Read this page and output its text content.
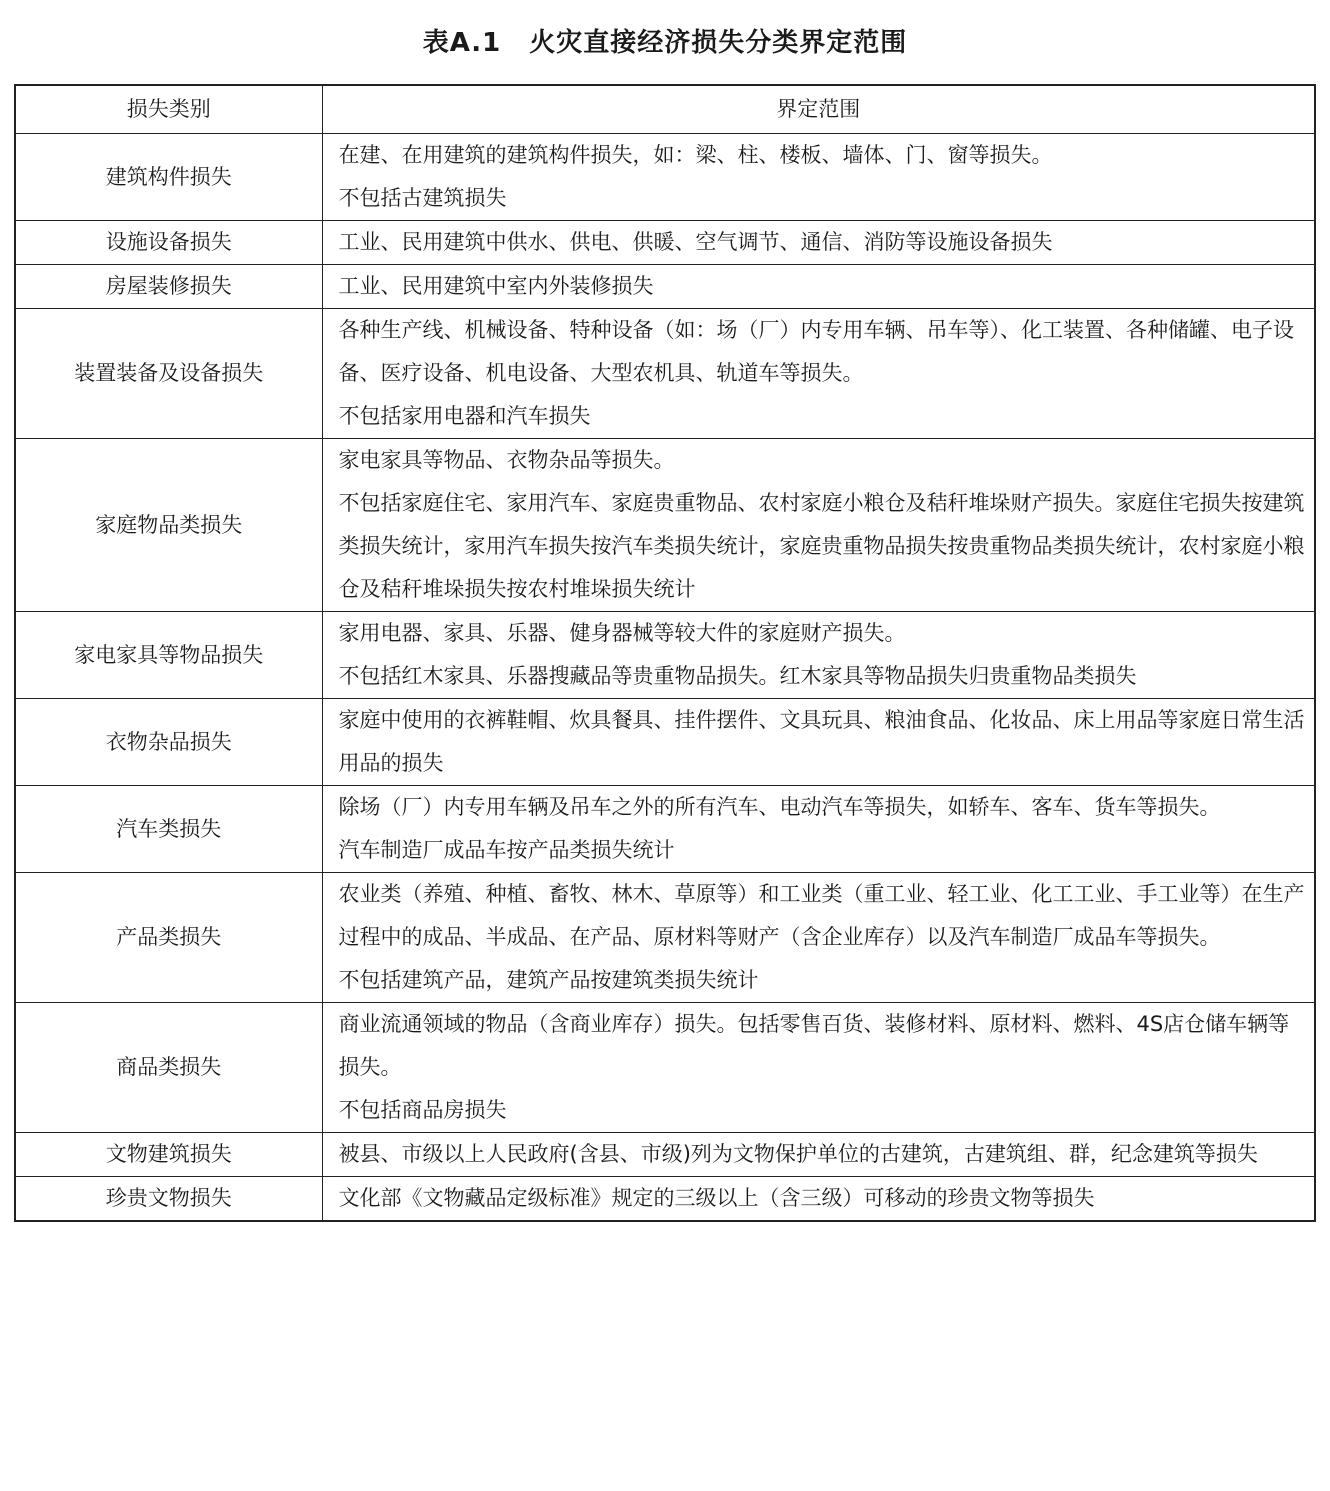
表A.1 火灾直接经济损失分类界定范围
损失类别	界定范围
建筑构件损失	在建、在用建筑的建筑构件损失，如：梁、柱、楼板、墙体、门、窗等损失。
不包括古建筑损失

设施设备损失	工业、民用建筑中供水、供电、供暖、空气调节、通信、消防等设施设备损失

房屋装修损失	工业、民用建筑中室内外装修损失

装置装备及设备损失	各种生产线、机械设备、特种设备（如：场（厂）内专用车辆、吊车等）、化工装置、各种储罐、电子设备、医疗设备、机电设备、大型农机具、轨道车等损失。
不包括家用电器和汽车损失

家庭物品类损失	家电家具等物品、衣物杂品等损失。
不包括家庭住宅、家用汽车、家庭贵重物品、农村家庭小粮仓及秸秆堆垛财产损失。家庭住宅损失按建筑类损失统计，家用汽车损失按汽车类损失统计，家庭贵重物品损失按贵重物品类损失统计，农村家庭小粮仓及秸秆堆垛损失按农村堆垛损失统计

家电家具等物品损失	家用电器、家具、乐器、健身器械等较大件的家庭财产损失。
不包括红木家具、乐器搜藏品等贵重物品损失。红木家具等物品损失归贵重物品类损失

衣物杂品损失	家庭中使用的衣裤鞋帽、炊具餐具、挂件摆件、文具玩具、粮油食品、化妆品、床上用品等家庭日常生活用品的损失

汽车类损失	除场（厂）内专用车辆及吊车之外的所有汽车、电动汽车等损失，如轿车、客车、货车等损失。
汽车制造厂成品车按产品类损失统计

产品类损失	农业类（养殖、种植、畜牧、林木、草原等）和工业类（重工业、轻工业、化工工业、手工业等）在生产过程中的成品、半成品、在产品、原材料等财产（含企业库存）以及汽车制造厂成品车等损失。
不包括建筑产品，建筑产品按建筑类损失统计

商品类损失	商业流通领域的物品（含商业库存）损失。包括零售百货、装修材料、原材料、燃料、4S店仓储车辆等损失。
不包括商品房损失

文物建筑损失	被县、市级以上人民政府(含县、市级)列为文物保护单位的古建筑，古建筑组、群，纪念建筑等损失

珍贵文物损失	文化部《文物藏品定级标准》规定的三级以上（含三级）可移动的珍贵文物等损失
